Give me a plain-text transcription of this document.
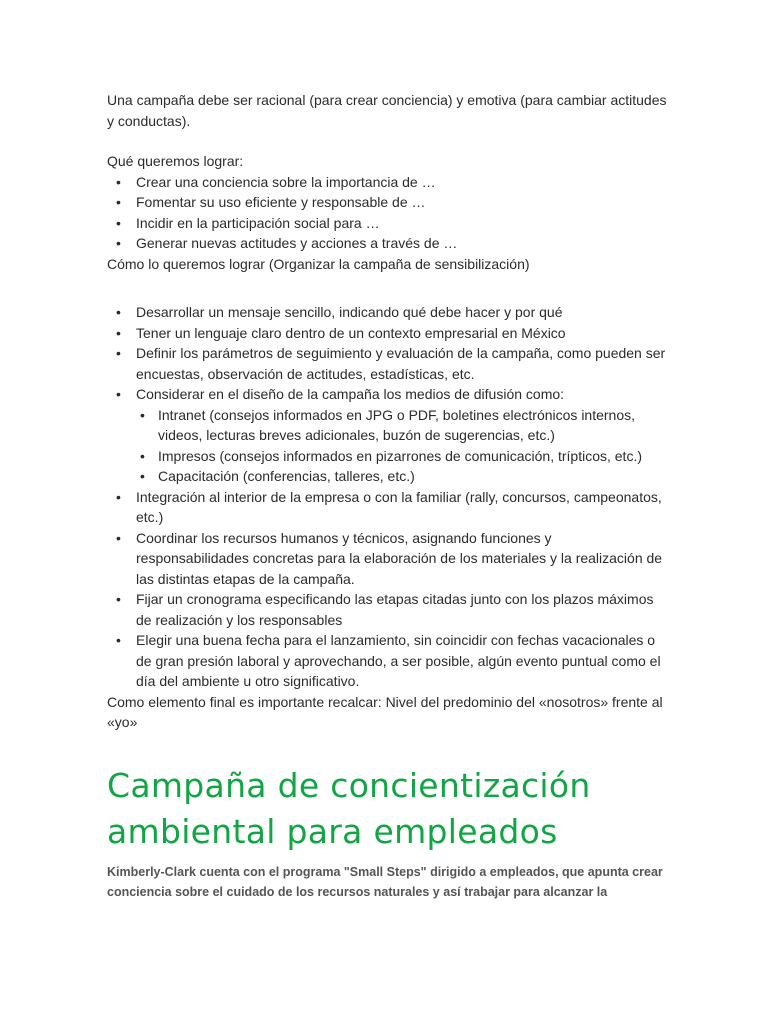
Una campaña debe ser racional (para crear conciencia) y emotiva (para cambiar actitudes y conductas).

Qué queremos lograr:

• Crear una conciencia sobre la importancia de …
• Fomentar su uso eficiente y responsable de …
• Incidir en la participación social para …
• Generar nuevas actitudes y acciones a través de …

Cómo lo queremos lograr (Organizar la campaña de sensibilización)

• Desarrollar un mensaje sencillo, indicando qué debe hacer y por qué
• Tener un lenguaje claro dentro de un contexto empresarial en México
• Definir los parámetros de seguimiento y evaluación de la campaña, como pueden ser encuestas, observación de actitudes, estadísticas, etc.
• Considerar en el diseño de la campaña los medios de difusión como:
• Intranet (consejos informados en JPG o PDF, boletines electrónicos internos, videos, lecturas breves adicionales, buzón de sugerencias, etc.)
• Impresos (consejos informados en pizarrones de comunicación, trípticos, etc.)
• Capacitación (conferencias, talleres, etc.)
• Integración al interior de la empresa o con la familiar (rally, concursos, campeonatos, etc.)
• Coordinar los recursos humanos y técnicos, asignando funciones y responsabilidades concretas para la elaboración de los materiales y la realización de las distintas etapas de la campaña.
• Fijar un cronograma especificando las etapas citadas junto con los plazos máximos de realización y los responsables
• Elegir una buena fecha para el lanzamiento, sin coincidir con fechas vacacionales o de gran presión laboral y aprovechando, a ser posible, algún evento puntual como el día del ambiente u otro significativo.

Como elemento final es importante recalcar: Nivel del predominio del «nosotros» frente al «yo»

Campaña de concientización ambiental para empleados

Kimberly-Clark cuenta con el programa "Small Steps" dirigido a empleados, que apunta crear conciencia sobre el cuidado de los recursos naturales y así trabajar para alcanzar la
